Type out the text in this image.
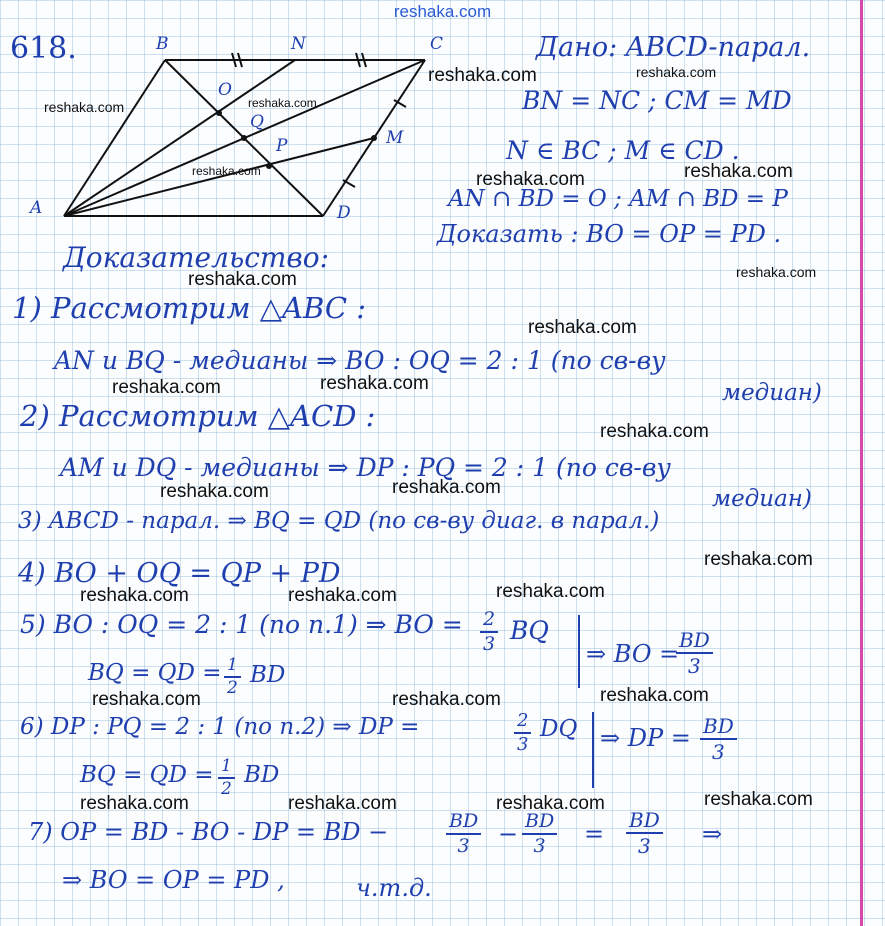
reshaka.com
618.	B	N	C
O
Q
P	M
A	D
Дано: ABCD-парал.
BN = NC ; CM = MD
N ∈ BC ; M ∈ CD .
AN ∩ BD = O ; AM ∩ BD = P
Доказать : BO = OP = PD .
Доказательство:
1) Рассмотрим △ABC :
AN и BQ - медианы ⇒ BO : OQ = 2 : 1 (по св-ву
медиан)
2) Рассмотрим △ACD :
AM и DQ - медианы ⇒ DP : PQ = 2 : 1 (по св-ву
медиан)
3) ABCD - парал. ⇒ BQ = QD (по св-ву диаг. в парал.)
4) BO + OQ = QP + PD
5) BO : OQ = 2 : 1 (по п.1) ⇒ BO = $\frac{2}{3}$ BQ
BQ = QD = $\frac{1}{2}$ BD
⇒ BO =
$\frac{BD}{3}$
6) DP : PQ = 2 : 1 (по п.2) ⇒ DP =	$\frac{2}{3}$ DQ
BQ = QD = $\frac{1}{2}$ BD
⇒ DP = $\frac{BD}{3}$
7) OP = BD - BO - DP = BD −	$\frac{BD}{3} - \frac{BD}{3} = \frac{BD}{3}$ ⇒
⇒ BO = OP = PD ,	ч.т.д.
reshaka.com	reshaka.com
reshaka.com	reshaka.com
reshaka.com	reshaka.com	reshaka.com
reshaka.com
reshaka.com
reshaka.com
reshaka.com	reshaka.com
reshaka.com
reshaka.com	reshaka.com
reshaka.com
reshaka.com	reshaka.com	reshaka.com
reshaka.com	reshaka.com	reshaka.com
reshaka.com	reshaka.com	reshaka.com	reshaka.com
